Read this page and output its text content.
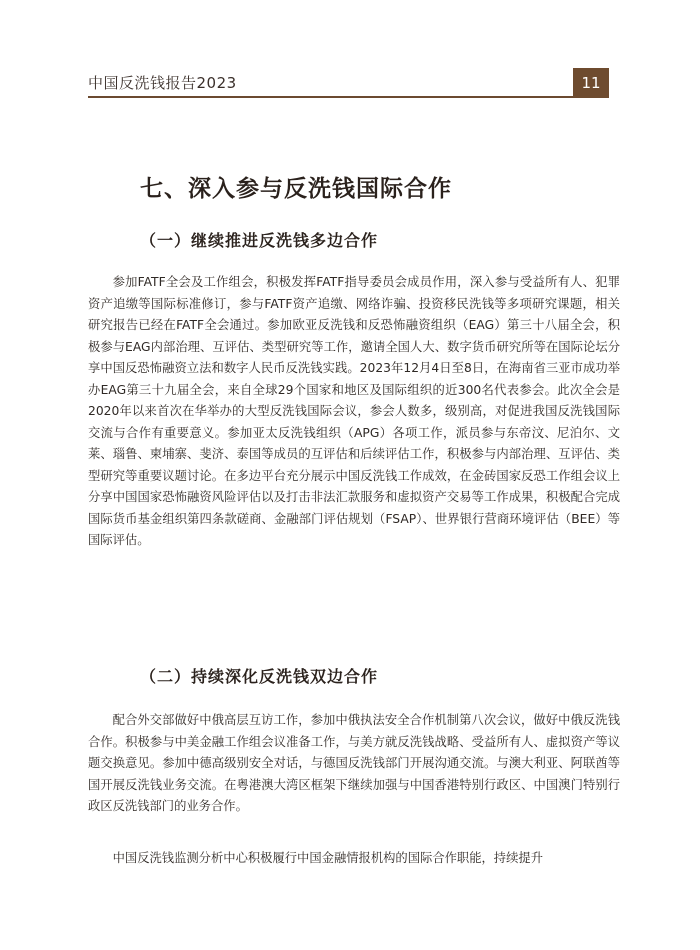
中国反洗钱报告2023	11
七、深入参与反洗钱国际合作
（一）继续推进反洗钱多边合作

参加FATF全会及工作组会，积极发挥FATF指导委员会成员作用，深入参与受益所有人、犯罪资产追缴等国际标准修订，参与FATF资产追缴、网络诈骗、投资移民洗钱等多项研究课题，相关研究报告已经在FATF全会通过。参加欧亚反洗钱和反恐怖融资组织（EAG）第三十八届全会，积极参与EAG内部治理、互评估、类型研究等工作，邀请全国人大、数字货币研究所等在国际论坛分享中国反恐怖融资立法和数字人民币反洗钱实践。2023年12月4日至8日，在海南省三亚市成功举办EAG第三十九届全会，来自全球29个国家和地区及国际组织的近300名代表参会。此次全会是2020年以来首次在华举办的大型反洗钱国际会议，参会人数多，级别高，对促进我国反洗钱国际交流与合作有重要意义。参加亚太反洗钱组织（APG）各项工作，派员参与东帝汶、尼泊尔、文莱、瑙鲁、柬埔寨、斐济、泰国等成员的互评估和后续评估工作，积极参与内部治理、互评估、类型研究等重要议题讨论。在多边平台充分展示中国反洗钱工作成效，在金砖国家反恐工作组会议上分享中国国家恐怖融资风险评估以及打击非法汇款服务和虚拟资产交易等工作成果，积极配合完成国际货币基金组织第四条款磋商、金融部门评估规划（FSAP）、世界银行营商环境评估（BEE）等国际评估。

（二）持续深化反洗钱双边合作

配合外交部做好中俄高层互访工作，参加中俄执法安全合作机制第八次会议，做好中俄反洗钱合作。积极参与中美金融工作组会议准备工作，与美方就反洗钱战略、受益所有人、虚拟资产等议题交换意见。参加中德高级别安全对话，与德国反洗钱部门开展沟通交流。与澳大利亚、阿联酋等国开展反洗钱业务交流。在粤港澳大湾区框架下继续加强与中国香港特别行政区、中国澳门特别行政区反洗钱部门的业务合作。

中国反洗钱监测分析中心积极履行中国金融情报机构的国际合作职能，持续提升
